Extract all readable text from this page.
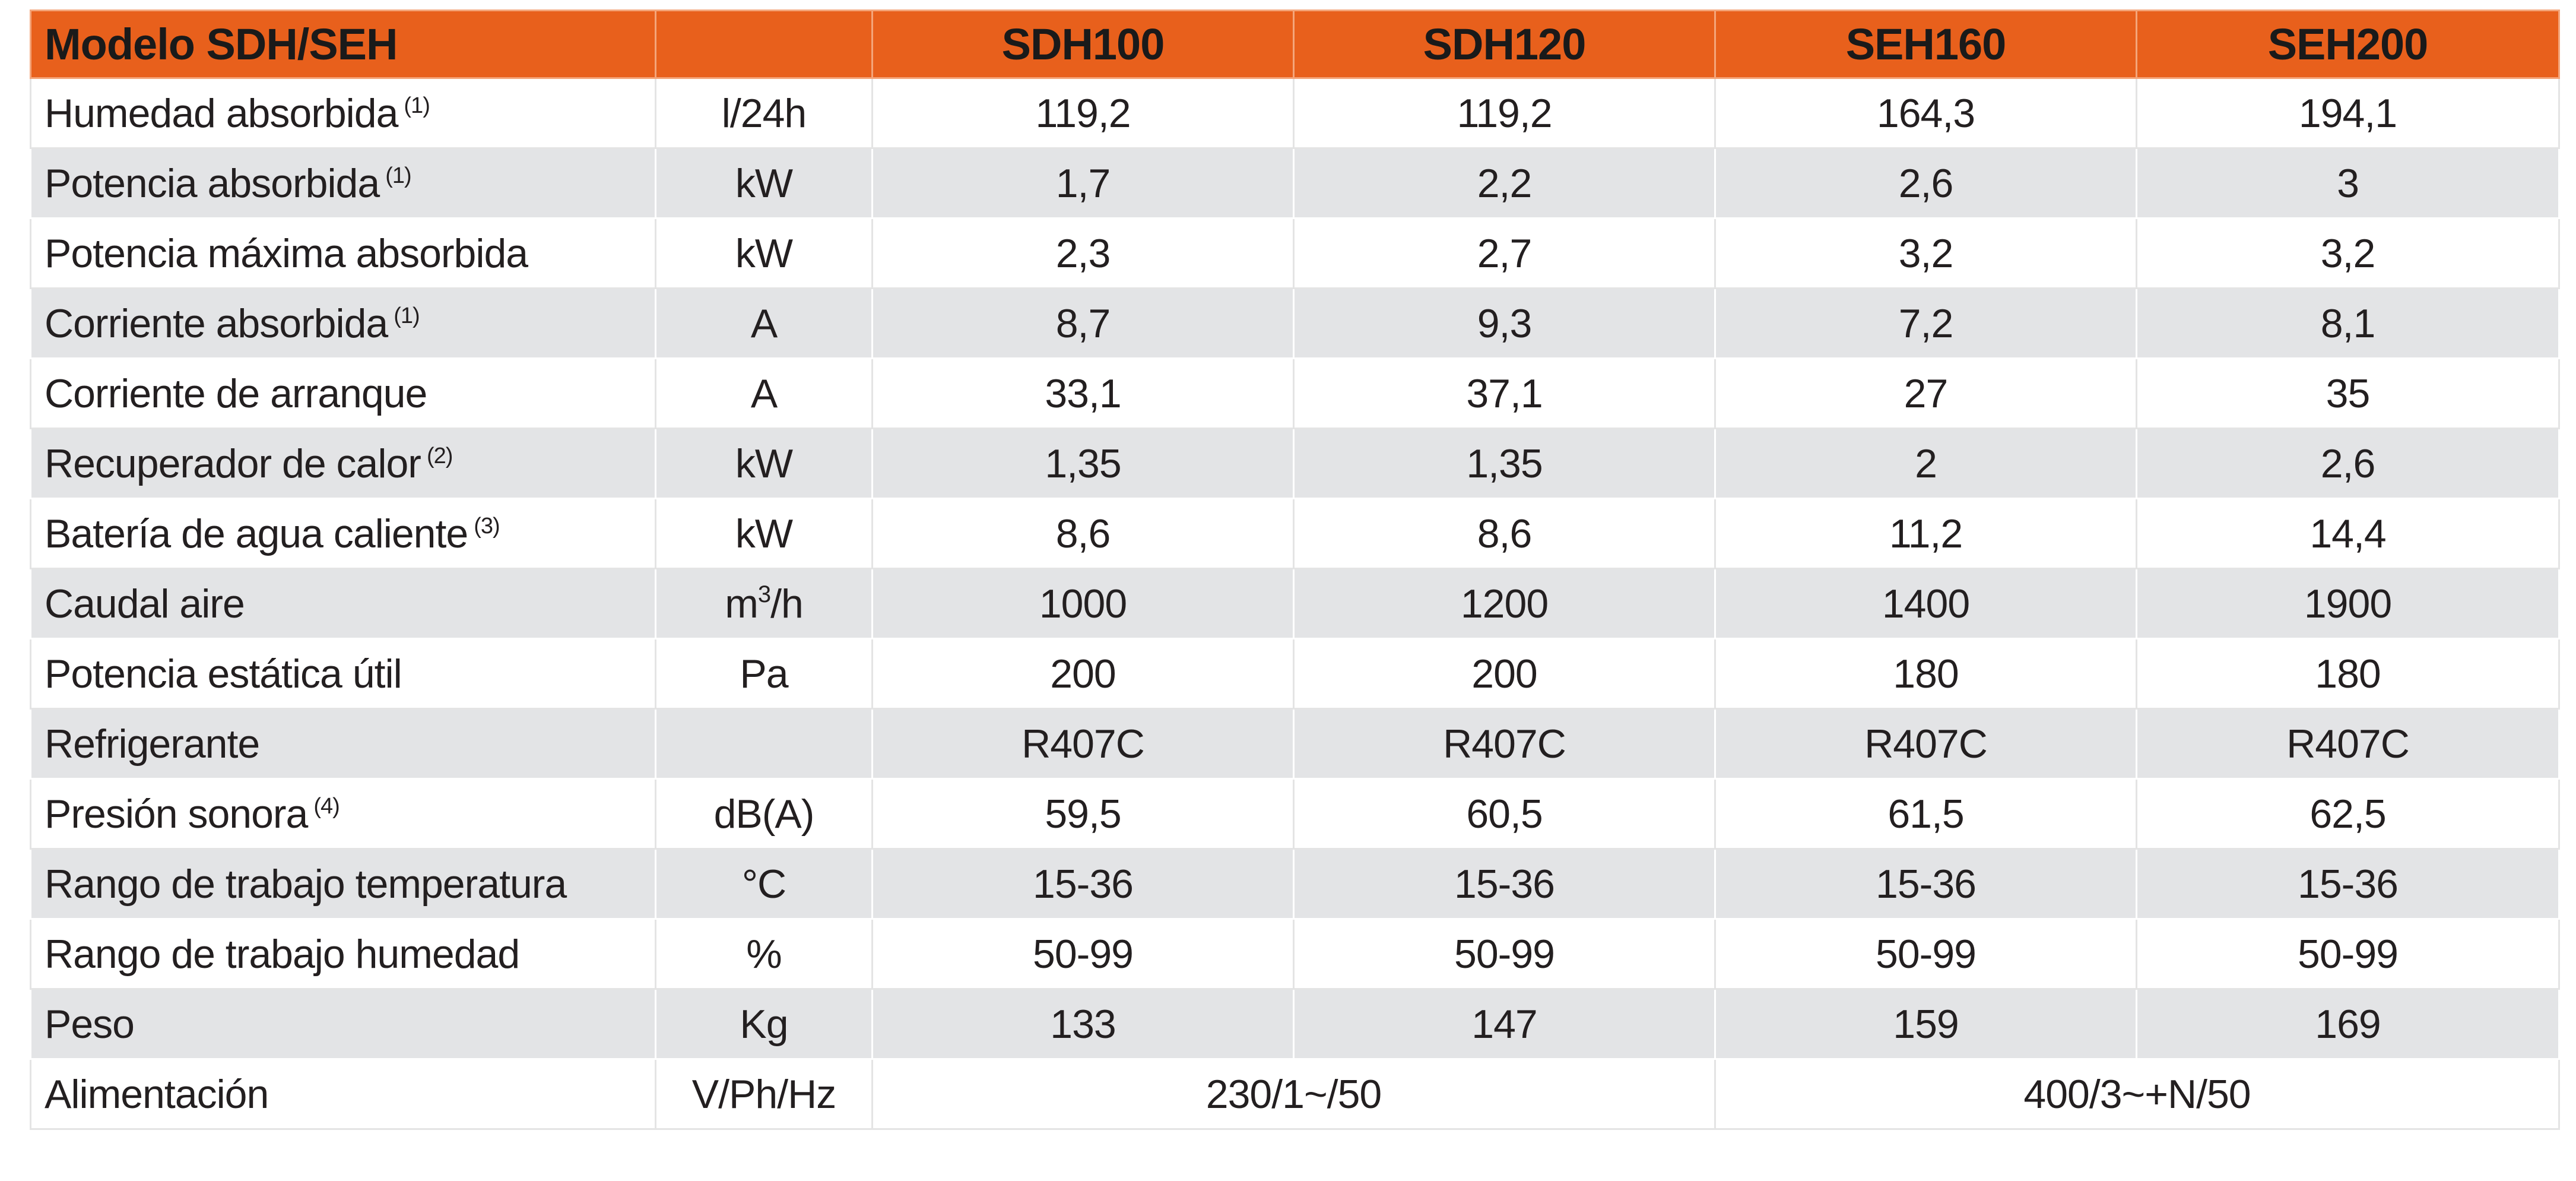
Modelo SDH/SEH		SDH100	SDH120	SEH160	SEH200
Humedad absorbida $^{(1)}$	l/24h	119,2	119,2	164,3	194,1
Potencia absorbida $^{(1)}$	kW	1,7	2,2	2,6	3
Potencia máxima absorbida	kW	2,3	2,7	3,2	3,2
Corriente absorbida $^{(1)}$	A	8,7	9,3	7,2	8,1
Corriente de arranque	A	33,1	37,1	27	35
Recuperador de calor $^{(2)}$	kW	1,35	1,35	2	2,6
Batería de agua caliente $^{(3)}$	kW	8,6	8,6	11,2	14,4
Caudal aire	$m^3/h$	1000	1200	1400	1900
Potencia estática útil	Pa	200	200	180	180
Refrigerante		R407C	R407C	R407C	R407C
Presión sonora $^{(4)}$	dB(A)	59,5	60,5	61,5	62,5
Rango de trabajo temperatura	°C	15-36	15-36	15-36	15-36
Rango de trabajo humedad	%	50-99	50-99	50-99	50-99
Peso	Kg	133	147	159	169
Alimentación	V/Ph/Hz	230/1~/50		400/3~+N/50	
